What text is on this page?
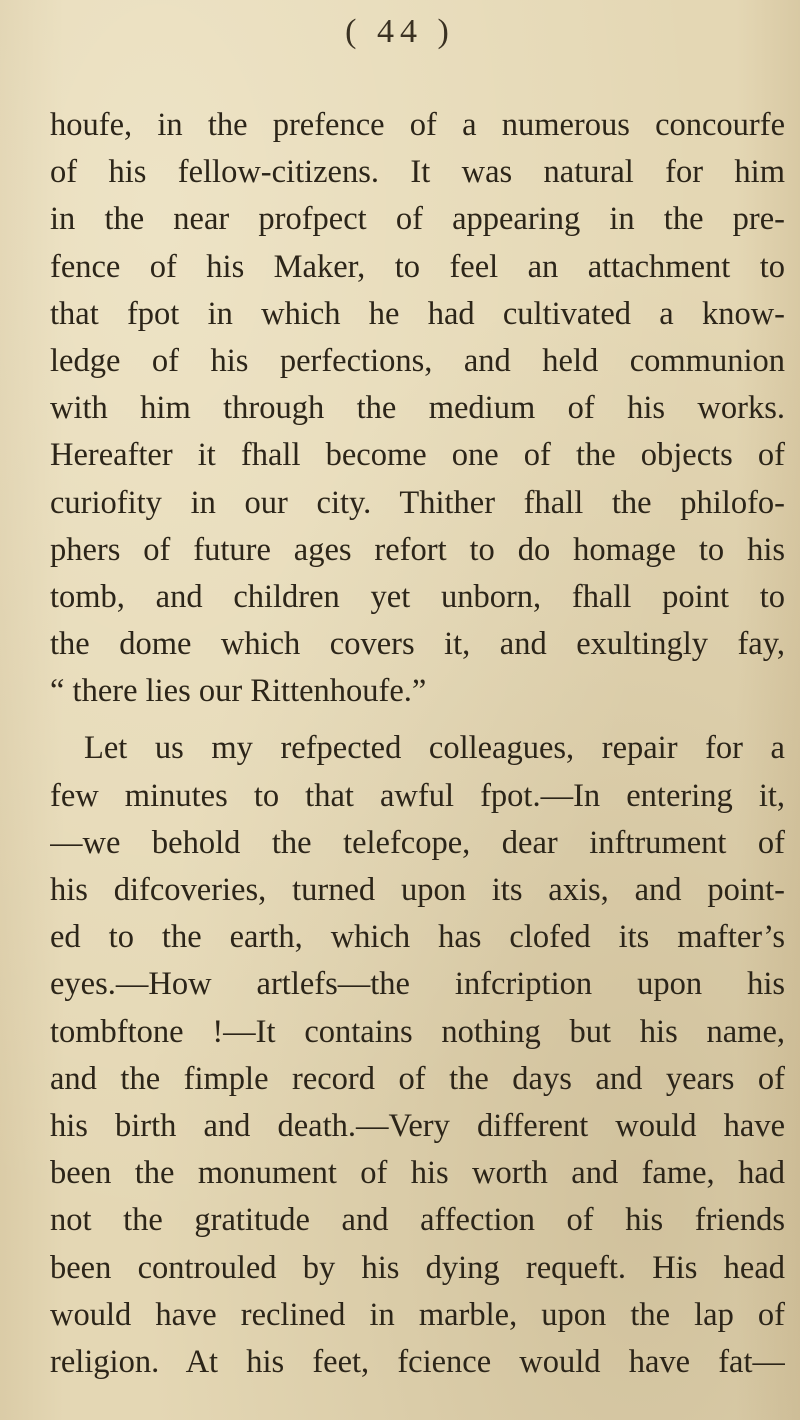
( 44 )
houfe, in the prefence of a numerous concourfe
of his fellow-citizens. It was natural for him
in the near profpect of appearing in the pre-
fence of his Maker, to feel an attachment to
that fpot in which he had cultivated a know-
ledge of his perfections, and held communion
with him through the medium of his works.
Hereafter it fhall become one of the objects of
curiofity in our city. Thither fhall the philofo-
phers of future ages refort to do homage to his
tomb, and children yet unborn, fhall point to
the dome which covers it, and exultingly fay,
“ there lies our Rittenhoufe.”
Let us my refpected colleagues, repair for a
few minutes to that awful fpot.—In entering it,
—we behold the telefcope, dear inftrument of
his difcoveries, turned upon its axis, and point-
ed to the earth, which has clofed its mafter’s
eyes.—How artlefs—the infcription upon his
tombftone !—It contains nothing but his name,
and the fimple record of the days and years of
his birth and death.—Very different would have
been the monument of his worth and fame, had
not the gratitude and affection of his friends
been controuled by his dying requeft. His head
would have reclined in marble, upon the lap of
religion. At his feet, fcience would have fat—
